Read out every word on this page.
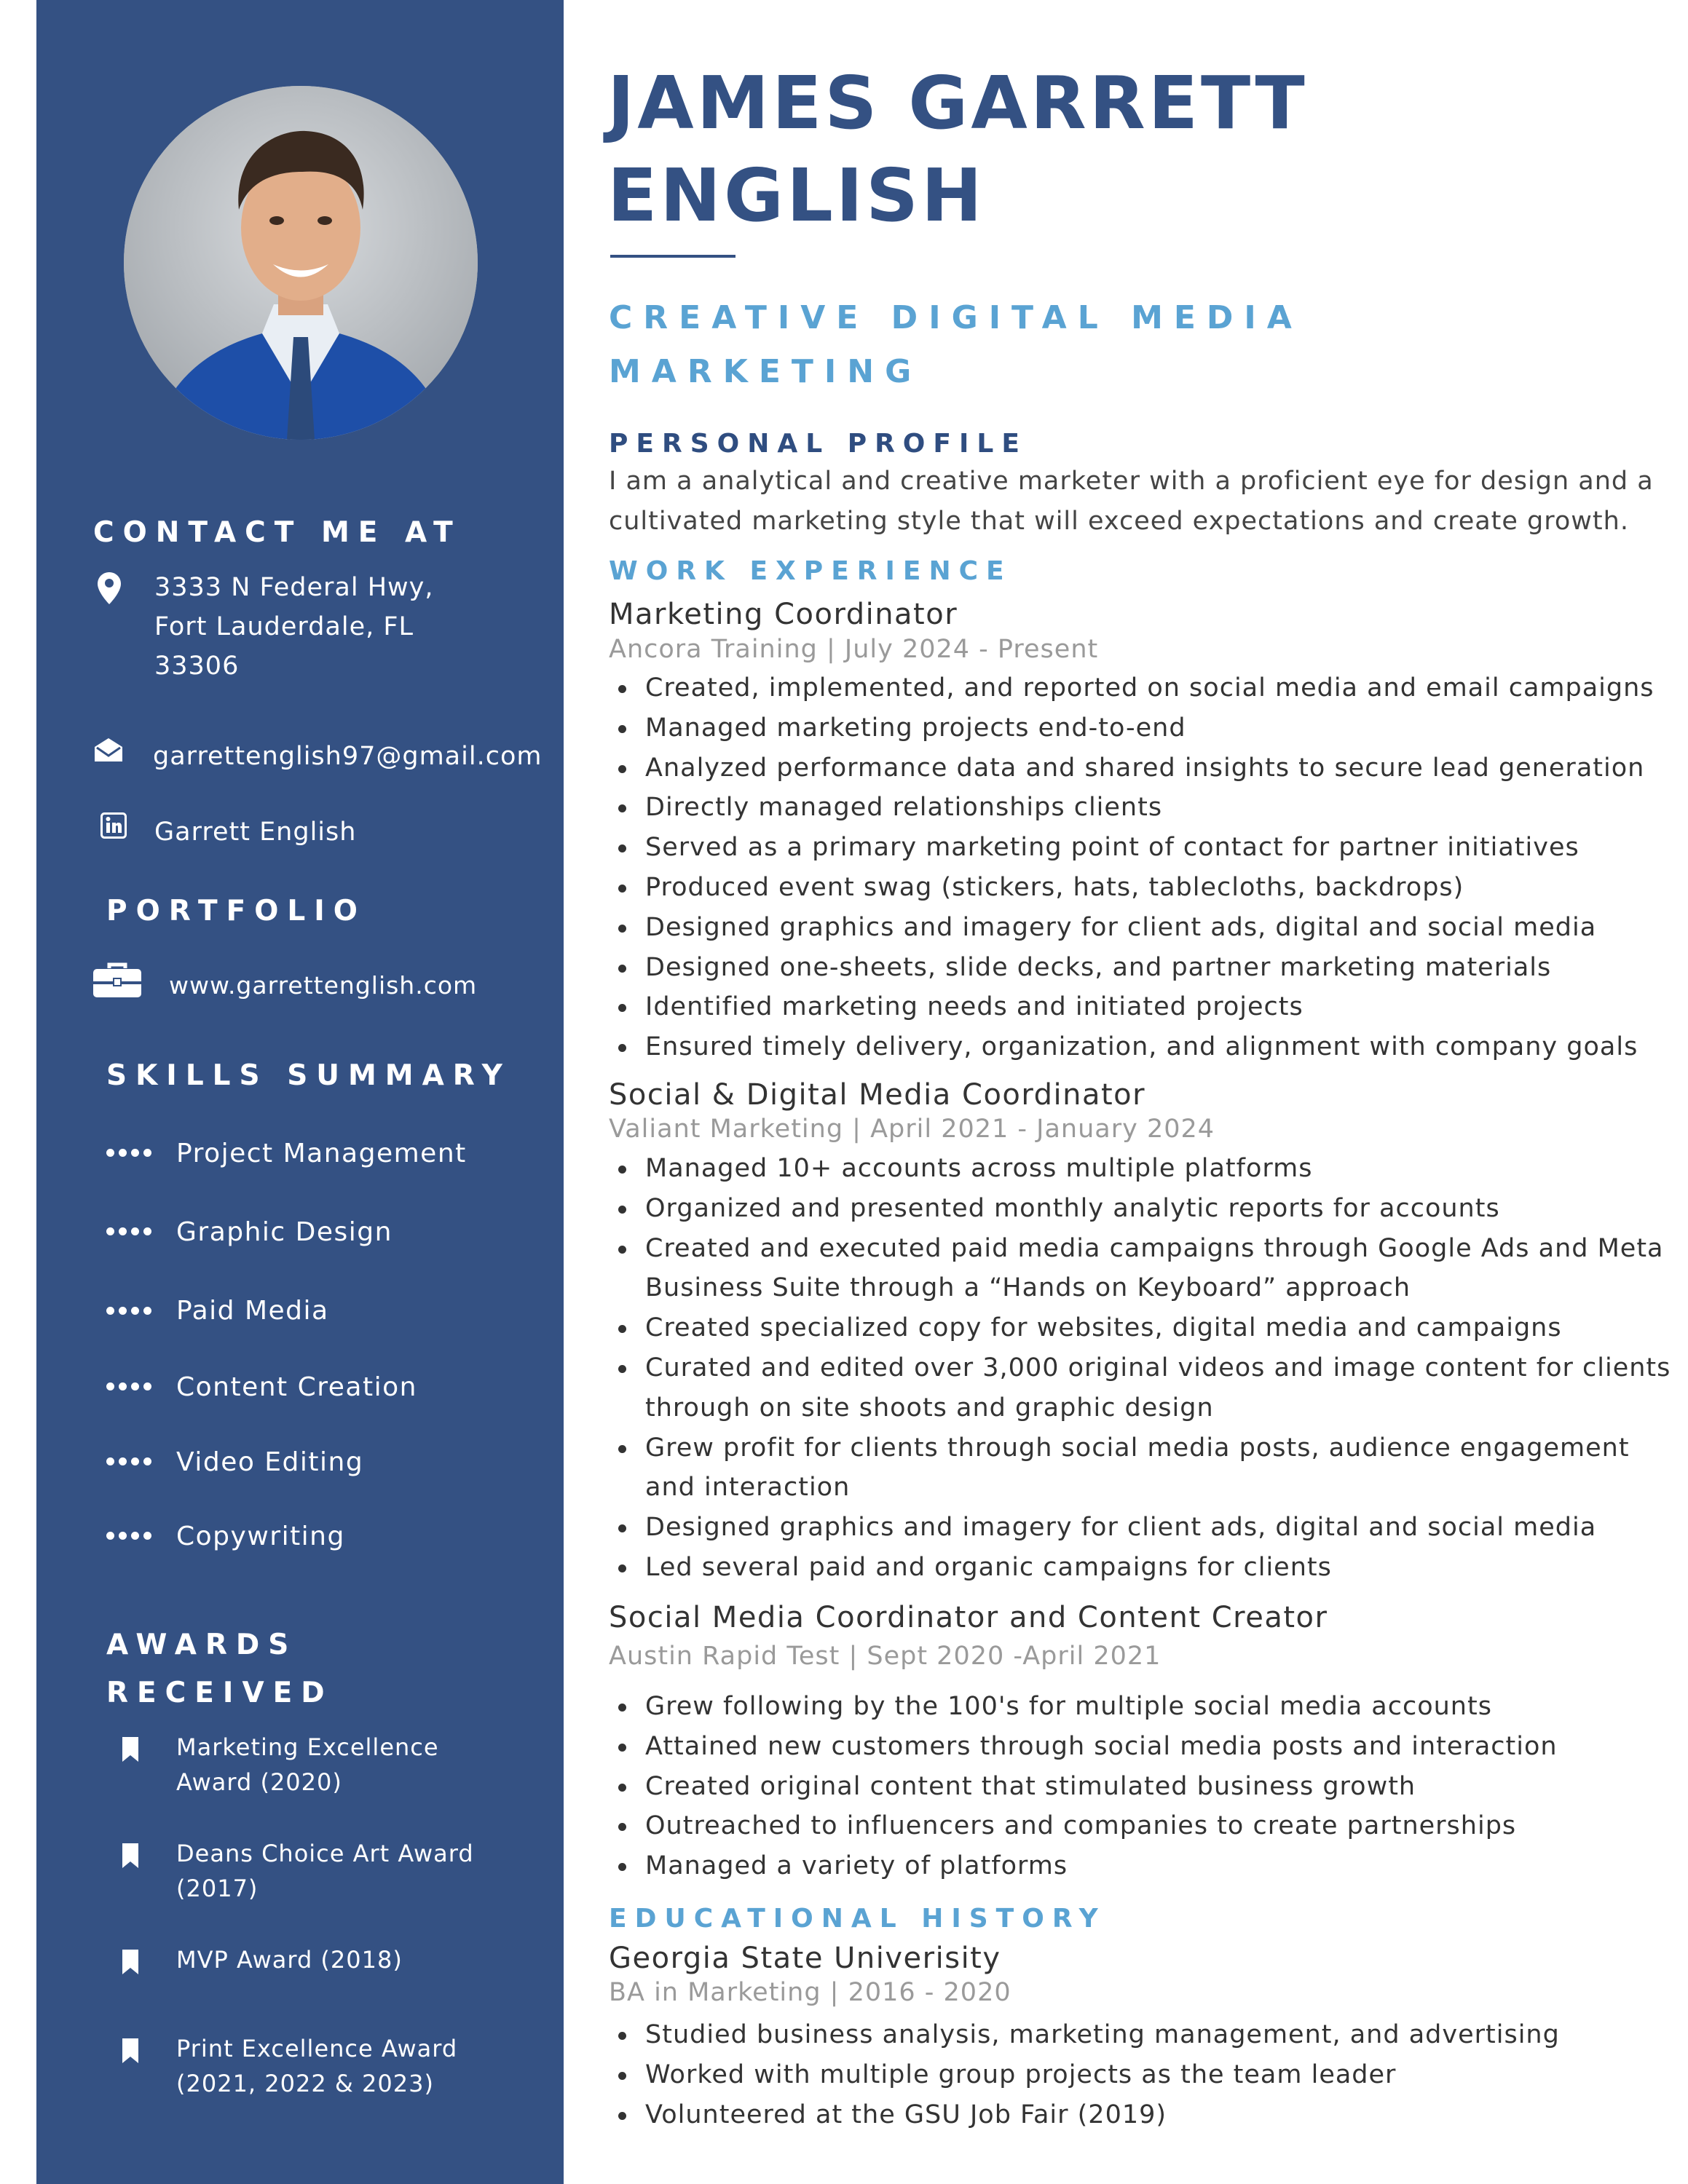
CONTACT ME AT
3333 N Federal Hwy,
Fort Lauderdale, FL
33306
garrettenglish97@gmail.com
Garrett English
PORTFOLIO
www.garrettenglish.com
SKILLS SUMMARY
Project Management
Graphic Design
Paid Media
Content Creation
Video Editing
Copywriting
AWARDS
RECEIVED
Marketing Excellence
Award (2020)
Deans Choice Art Award
(2017)
MVP Award (2018)
Print Excellence Award
(2021, 2022 & 2023)
JAMES GARRETT
ENGLISH
CREATIVE DIGITAL MEDIA
MARKETING
PERSONAL PROFILE
I am a analytical and creative marketer with a proficient eye for design and a
cultivated marketing style that will exceed expectations and create growth.
WORK EXPERIENCE
Marketing Coordinator
Ancora Training | July 2024 - Present
Created, implemented, and reported on social media and email campaigns
Managed marketing projects end-to-end
Analyzed performance data and shared insights to secure lead generation
Directly managed relationships clients
Served as a primary marketing point of contact for partner initiatives
Produced event swag (stickers, hats, tablecloths, backdrops)
Designed graphics and imagery for client ads, digital and social media
Designed one-sheets, slide decks, and partner marketing materials
Identified marketing needs and initiated projects
Ensured timely delivery, organization, and alignment with company goals
Social & Digital Media Coordinator
Valiant Marketing | April 2021 - January 2024
Managed 10+ accounts across multiple platforms
Organized and presented monthly analytic reports for accounts
Created and executed paid media campaigns through Google Ads and Meta
Business Suite through a “Hands on Keyboard” approach
Created specialized copy for websites, digital media and campaigns
Curated and edited over 3,000 original videos and image content for clients
through on site shoots and graphic design
Grew profit for clients through social media posts, audience engagement
and interaction
Designed graphics and imagery for client ads, digital and social media
Led several paid and organic campaigns for clients
Social Media Coordinator and Content Creator
Austin Rapid Test | Sept 2020 -April 2021
Grew following by the 100's for multiple social media accounts
Attained new customers through social media posts and interaction
Created original content that stimulated business growth
Outreached to influencers and companies to create partnerships
Managed a variety of platforms
EDUCATIONAL HISTORY
Georgia State Univerisity
BA in Marketing | 2016 - 2020
Studied business analysis, marketing management, and advertising
Worked with multiple group projects as the team leader
Volunteered at the GSU Job Fair (2019)
